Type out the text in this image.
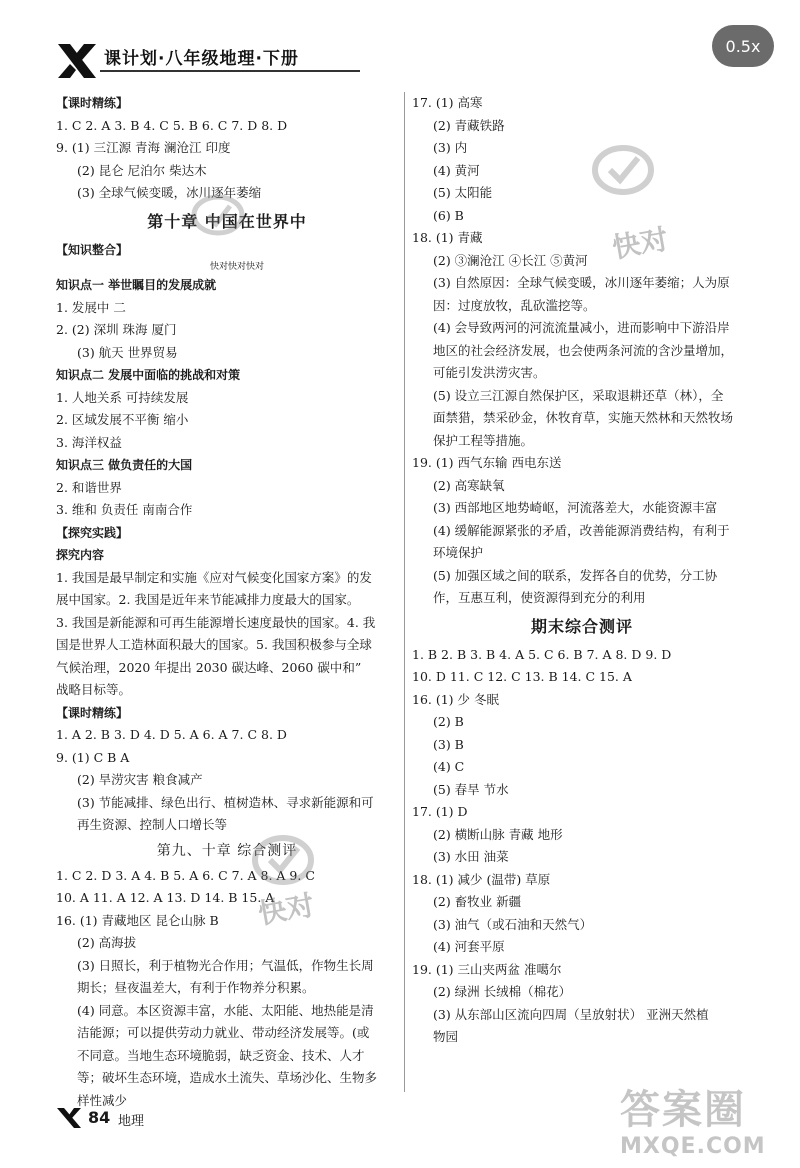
课计划·八年级地理·下册
0.5x
【课时精练】
1. C 2. A 3. B 4. C 5. B 6. C 7. D 8. D
9. (1) 三江源 青海 澜沧江 印度
(2) 昆仑 尼泊尔 柴达木
(3) 全球气候变暖，冰川逐年萎缩
第十章 中国在世界中
【知识整合】
快对快对快对
知识点一 举世瞩目的发展成就
1. 发展中 二
2. (2) 深圳 珠海 厦门
(3) 航天 世界贸易
知识点二 发展中面临的挑战和对策
1. 人地关系 可持续发展
2. 区域发展不平衡 缩小
3. 海洋权益
知识点三 做负责任的大国
2. 和谐世界
3. 维和 负责任 南南合作
【探究实践】
探究内容
1. 我国是最早制定和实施《应对气候变化国家方案》的发
展中国家。2. 我国是近年来节能减排力度最大的国家。
3. 我国是新能源和可再生能源增长速度最快的国家。4. 我
国是世界人工造林面积最大的国家。5. 我国积极参与全球
气候治理，2020 年提出 2030 碳达峰、2060 碳中和”
战略目标等。
【课时精练】
1. A 2. B 3. D 4. D 5. A 6. A 7. C 8. D
9. (1) C B A
(2) 旱涝灾害 粮食减产
(3) 节能减排、绿色出行、植树造林、寻求新能源和可
再生资源、控制人口增长等
第九、十章 综合测评
1. C 2. D 3. A 4. B 5. A 6. C 7. A 8. A 9. C
10. A 11. A 12. A 13. D 14. B 15. A
16. (1) 青藏地区 昆仑山脉 B
(2) 高海拔
(3) 日照长，利于植物光合作用；气温低，作物生长周
期长；昼夜温差大，有利于作物养分积累。
(4) 同意。本区资源丰富，水能、太阳能、地热能是清
洁能源；可以提供劳动力就业、带动经济发展等。(或
不同意。当地生态环境脆弱，缺乏资金、技术、人才
等；破坏生态环境，造成水土流失、草场沙化、生物多
样性减少
17. (1) 高寒
(2) 青藏铁路
(3) 内
(4) 黄河
(5) 太阳能
(6) B
18. (1) 青藏
(2) ③澜沧江 ④长江 ⑤黄河
(3) 自然原因：全球气候变暖，冰川逐年萎缩；人为原
因：过度放牧，乱砍滥挖等。
(4) 会导致两河的河流流量减小，进而影响中下游沿岸
地区的社会经济发展，也会使两条河流的含沙量增加，
可能引发洪涝灾害。
(5) 设立三江源自然保护区，采取退耕还草（林），全
面禁猎，禁采砂金，休牧育草，实施天然林和天然牧场
保护工程等措施。
19. (1) 西气东输 西电东送
(2) 高寒缺氧
(3) 西部地区地势崎岖，河流落差大，水能资源丰富
(4) 缓解能源紧张的矛盾，改善能源消费结构，有利于
环境保护
(5) 加强区域之间的联系，发挥各自的优势，分工协
作，互惠互利，使资源得到充分的利用
期末综合测评
1. B 2. B 3. B 4. A 5. C 6. B 7. A 8. D 9. D
10. D 11. C 12. C 13. B 14. C 15. A
16. (1) 少 冬眠
(2) B
(3) B
(4) C
(5) 春旱 节水
17. (1) D
(2) 横断山脉 青藏 地形
(3) 水田 油菜
18. (1) 减少 (温带) 草原
(2) 畜牧业 新疆
(3) 油气（或石油和天然气）
(4) 河套平原
19. (1) 三山夹两盆 准噶尔
(2) 绿洲 长绒棉（棉花）
(3) 从东部山区流向四周（呈放射状） 亚洲天然植
物园
快对
快对
答案圈
MXQE.COM
84 地理
